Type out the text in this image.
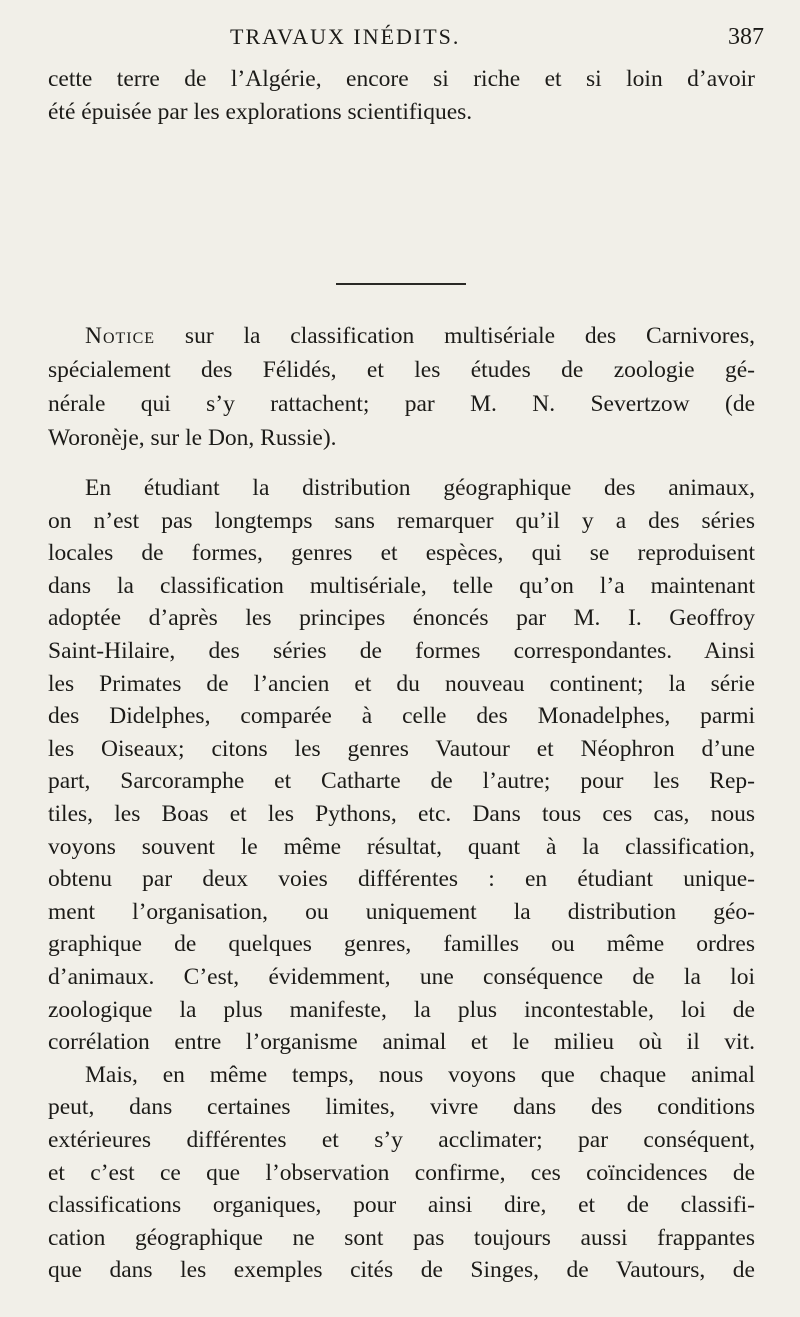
TRAVAUX INÉDITS.	387
cette terre de l’Algérie, encore si riche et si loin d’avoir
été épuisée par les explorations scientifiques.
Notice sur la classification multisériale des Carnivores,
spécialement des Félidés, et les études de zoologie gé-
nérale qui s’y rattachent; par M. N. Severtzow (de
Woronèje, sur le Don, Russie).
En étudiant la distribution géographique des animaux,
on n’est pas longtemps sans remarquer qu’il y a des séries
locales de formes, genres et espèces, qui se reproduisent
dans la classification multisériale, telle qu’on l’a maintenant
adoptée d’après les principes énoncés par M. I. Geoffroy
Saint-Hilaire, des séries de formes correspondantes. Ainsi
les Primates de l’ancien et du nouveau continent; la série
des Didelphes, comparée à celle des Monadelphes, parmi
les Oiseaux; citons les genres Vautour et Néophron d’une
part, Sarcoramphe et Catharte de l’autre; pour les Rep-
tiles, les Boas et les Pythons, etc. Dans tous ces cas, nous
voyons souvent le même résultat, quant à la classification,
obtenu par deux voies différentes : en étudiant unique-
ment l’organisation, ou uniquement la distribution géo-
graphique de quelques genres, familles ou même ordres
d’animaux. C’est, évidemment, une conséquence de la loi
zoologique la plus manifeste, la plus incontestable, loi de
corrélation entre l’organisme animal et le milieu où il vit.
Mais, en même temps, nous voyons que chaque animal
peut, dans certaines limites, vivre dans des conditions
extérieures différentes et s’y acclimater; par conséquent,
et c’est ce que l’observation confirme, ces coïncidences de
classifications organiques, pour ainsi dire, et de classifi-
cation géographique ne sont pas toujours aussi frappantes
que dans les exemples cités de Singes, de Vautours, de
